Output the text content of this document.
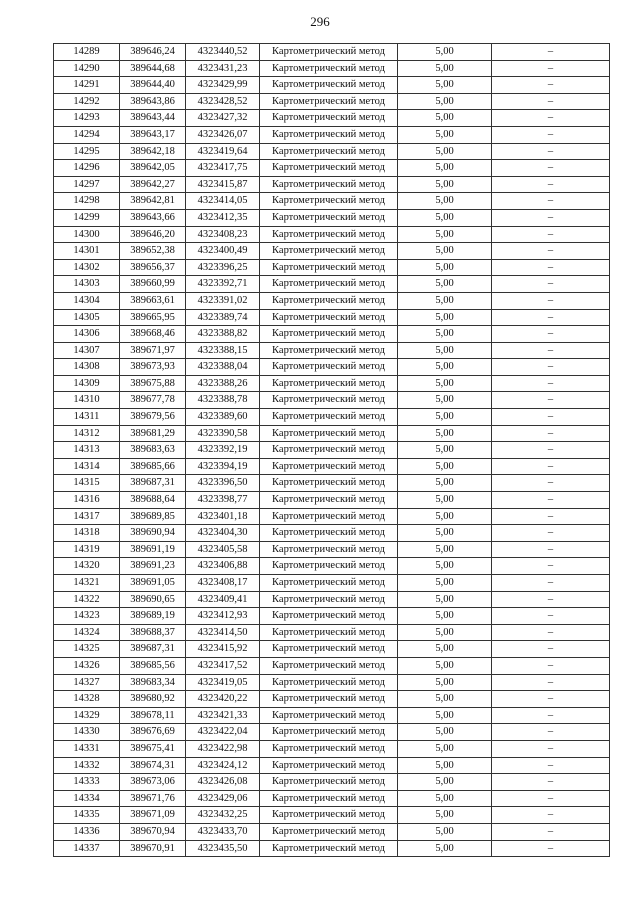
296
14289	389646,24	4323440,52	Картометрический метод	5,00	–
14290	389644,68	4323431,23	Картометрический метод	5,00	–
14291	389644,40	4323429,99	Картометрический метод	5,00	–
14292	389643,86	4323428,52	Картометрический метод	5,00	–
14293	389643,44	4323427,32	Картометрический метод	5,00	–
14294	389643,17	4323426,07	Картометрический метод	5,00	–
14295	389642,18	4323419,64	Картометрический метод	5,00	–
14296	389642,05	4323417,75	Картометрический метод	5,00	–
14297	389642,27	4323415,87	Картометрический метод	5,00	–
14298	389642,81	4323414,05	Картометрический метод	5,00	–
14299	389643,66	4323412,35	Картометрический метод	5,00	–
14300	389646,20	4323408,23	Картометрический метод	5,00	–
14301	389652,38	4323400,49	Картометрический метод	5,00	–
14302	389656,37	4323396,25	Картометрический метод	5,00	–
14303	389660,99	4323392,71	Картометрический метод	5,00	–
14304	389663,61	4323391,02	Картометрический метод	5,00	–
14305	389665,95	4323389,74	Картометрический метод	5,00	–
14306	389668,46	4323388,82	Картометрический метод	5,00	–
14307	389671,97	4323388,15	Картометрический метод	5,00	–
14308	389673,93	4323388,04	Картометрический метод	5,00	–
14309	389675,88	4323388,26	Картометрический метод	5,00	–
14310	389677,78	4323388,78	Картометрический метод	5,00	–
14311	389679,56	4323389,60	Картометрический метод	5,00	–
14312	389681,29	4323390,58	Картометрический метод	5,00	–
14313	389683,63	4323392,19	Картометрический метод	5,00	–
14314	389685,66	4323394,19	Картометрический метод	5,00	–
14315	389687,31	4323396,50	Картометрический метод	5,00	–
14316	389688,64	4323398,77	Картометрический метод	5,00	–
14317	389689,85	4323401,18	Картометрический метод	5,00	–
14318	389690,94	4323404,30	Картометрический метод	5,00	–
14319	389691,19	4323405,58	Картометрический метод	5,00	–
14320	389691,23	4323406,88	Картометрический метод	5,00	–
14321	389691,05	4323408,17	Картометрический метод	5,00	–
14322	389690,65	4323409,41	Картометрический метод	5,00	–
14323	389689,19	4323412,93	Картометрический метод	5,00	–
14324	389688,37	4323414,50	Картометрический метод	5,00	–
14325	389687,31	4323415,92	Картометрический метод	5,00	–
14326	389685,56	4323417,52	Картометрический метод	5,00	–
14327	389683,34	4323419,05	Картометрический метод	5,00	–
14328	389680,92	4323420,22	Картометрический метод	5,00	–
14329	389678,11	4323421,33	Картометрический метод	5,00	–
14330	389676,69	4323422,04	Картометрический метод	5,00	–
14331	389675,41	4323422,98	Картометрический метод	5,00	–
14332	389674,31	4323424,12	Картометрический метод	5,00	–
14333	389673,06	4323426,08	Картометрический метод	5,00	–
14334	389671,76	4323429,06	Картометрический метод	5,00	–
14335	389671,09	4323432,25	Картометрический метод	5,00	–
14336	389670,94	4323433,70	Картометрический метод	5,00	–
14337	389670,91	4323435,50	Картометрический метод	5,00	–
